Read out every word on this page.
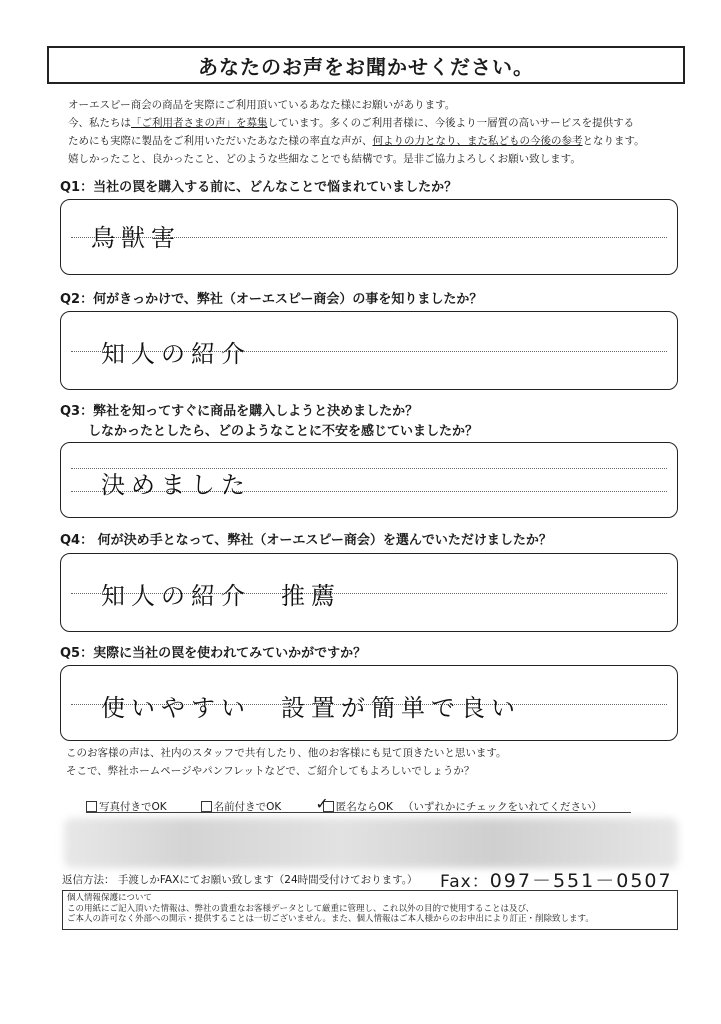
あなたのお声をお聞かせください。
オーエスピー商会の商品を実際にご利用頂いているあなた様にお願いがあります。
今、私たちは「ご利用者さまの声」を募集しています。多くのご利用者様に、今後より一層質の高いサービスを提供する
ためにも実際に製品をご利用いただいたあなた様の率直な声が、何よりの力となり、また私どもの今後の参考となります。
嬉しかったこと、良かったこと、どのような些細なことでも結構です。是非ご協力よろしくお願い致します。
Q1：当社の罠を購入する前に、どんなことで悩まれていましたか？
鳥獣害
Q2：何がきっかけで、弊社（オーエスピー商会）の事を知りましたか？
知人の紹介
Q3：弊社を知ってすぐに商品を購入しようと決めましたか？
しなかったとしたら、どのようなことに不安を感じていましたか？
決めました
Q4： 何が決め手となって、弊社（オーエスピー商会）を選んでいただけましたか？
知人の紹介　推薦
Q5：実際に当社の罠を使われてみていかがですか？
使いやすい　設置が簡単で良い
このお客様の声は、社内のスタッフで共有したり、他のお客様にも見て頂きたいと思います。
そこで、弊社ホームページやパンフレットなどで、ご紹介してもよろしいでしょうか？
写真付きでOK	名前付きでOK ✓ 匿名ならOK （いずれかにチェックをいれてください）
返信方法： 手渡しかFAXにてお願い致します（24時間受付けております。）	Fax：097－551－0507
個人情報保護について
この用紙にご記入頂いた情報は、弊社の貴重なお客様データとして厳重に管理し、これ以外の目的で使用することは及び、
ご本人の許可なく外部への開示・提供することは一切ございません。また、個人情報はご本人様からのお申出により訂正・削除致します。
